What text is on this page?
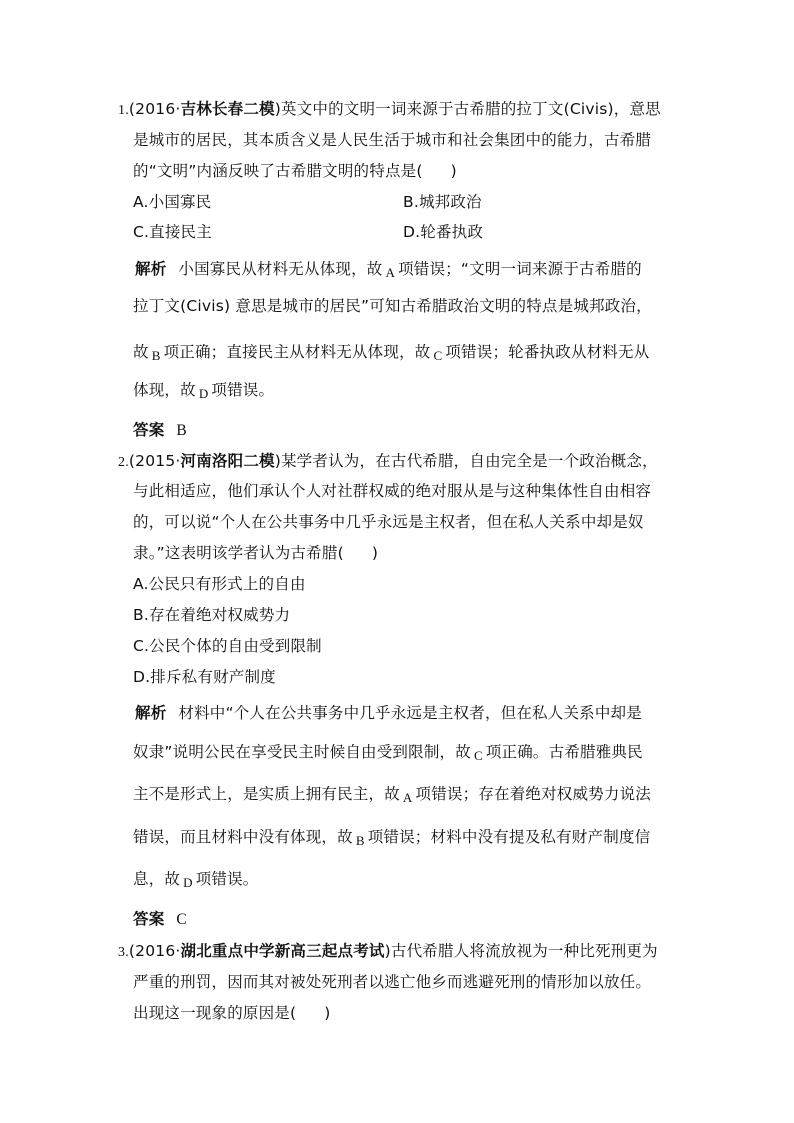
1.(2016·吉林长春二模)英文中的文明一词来源于古希腊的拉丁文(Civis)，意思
是城市的居民，其本质含义是人民生活于城市和社会集团中的能力，古希腊
的“文明”内涵反映了古希腊文明的特点是( )
A.小国寡民	B.城邦政治
C.直接民主	D.轮番执政
解析 小国寡民从材料无从体现，故 $_A$ 项错误；“文明一词来源于古希腊的
拉丁文(Civis) 意思是城市的居民”可知古希腊政治文明的特点是城邦政治，
故 $_B$ 项正确；直接民主从材料无从体现，故 $_C$ 项错误；轮番执政从材料无从
体现，故 $_D$ 项错误。
答案 B
2.(2015·河南洛阳二模)某学者认为，在古代希腊，自由完全是一个政治概念，
与此相适应，他们承认个人对社群权威的绝对服从是与这种集体性自由相容
的，可以说“个人在公共事务中几乎永远是主权者，但在私人关系中却是奴
隶。”这表明该学者认为古希腊( )
A.公民只有形式上的自由
B.存在着绝对权威势力
C.公民个体的自由受到限制
D.排斥私有财产制度
解析 材料中“个人在公共事务中几乎永远是主权者，但在私人关系中却是
奴隶”说明公民在享受民主时候自由受到限制，故 $_C$ 项正确。古希腊雅典民
主不是形式上，是实质上拥有民主，故 $_A$ 项错误；存在着绝对权威势力说法
错误，而且材料中没有体现，故 $_B$ 项错误；材料中没有提及私有财产制度信
息，故 $_D$ 项错误。
答案 C
3.(2016·湖北重点中学新高三起点考试)古代希腊人将流放视为一种比死刑更为
严重的刑罚，因而其对被处死刑者以逃亡他乡而逃避死刑的情形加以放任。
出现这一现象的原因是( )
